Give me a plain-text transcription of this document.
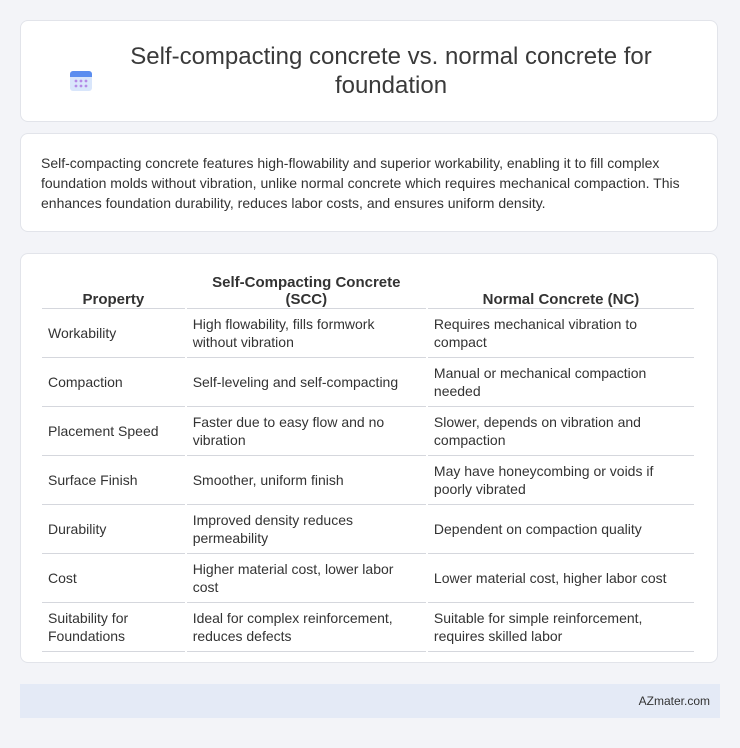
Self-compacting concrete vs. normal concrete for foundation

Self-compacting concrete features high-flowability and superior workability, enabling it to fill complex foundation molds without vibration, unlike normal concrete which requires mechanical compaction. This enhances foundation durability, reduces labor costs, and ensures uniform density.

Property	Self-Compacting Concrete (SCC)	Normal Concrete (NC)
Workability	High flowability, fills formwork without vibration	Requires mechanical vibration to compact
Compaction	Self-leveling and self-compacting	Manual or mechanical compaction needed
Placement Speed	Faster due to easy flow and no vibration	Slower, depends on vibration and compaction
Surface Finish	Smoother, uniform finish	May have honeycombing or voids if poorly vibrated
Durability	Improved density reduces permeability	Dependent on compaction quality
Cost	Higher material cost, lower labor cost	Lower material cost, higher labor cost
Suitability for Foundations	Ideal for complex reinforcement, reduces defects	Suitable for simple reinforcement, requires skilled labor
AZmater.com
